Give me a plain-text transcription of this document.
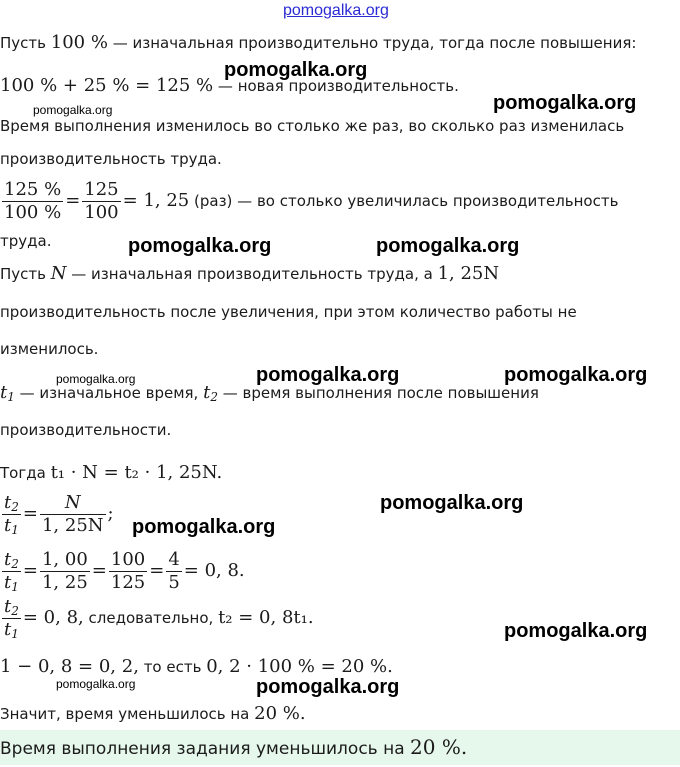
pomogalka.org
Пусть 100 % — изначальная производительно труда, тогда после повышения:
100 % + 25 % = 125 % — новая производительность.
Время выполнения изменилось во столько же раз, во сколько раз изменилась
производительность труда.
$\frac{125 \%}{100 \%} = \frac{125}{100} = 1$, 25 (раз) — во столько увеличилась производительность
труда.
Пусть N — изначальная производительность труда, а 1, 25N
производительность после увеличения, при этом количество работы не
изменилось.
$t_1$ — изначальное время, $t_2$ — время выполнения после повышения
производительности.
Тогда t₁ · N = t₂ · 1, 25N.
$\frac{t_2}{t_1} = \frac{N}{1, 25N}$ ;
$\frac{t_2}{t_1} = \frac{1, 00}{1, 25} = \frac{100}{125} = \frac{4}{5} = 0$, 8.
$\frac{t_2}{t_1} = 0$, 8, следовательно, t₂ = 0, 8t₁.
1 − 0, 8 = 0, 2, то есть 0, 2 · 100 % = 20 %.
Значит, время уменьшилось на 20 %.
Время выполнения задания уменьшилось на 20 %.
pomogalka.org
pomogalka.org	pomogalka.org
pomogalka.org	pomogalka.org
pomogalka.org	pomogalka.org	pomogalka.org
pomogalka.org
pomogalka.org
pomogalka.org
pomogalka.org	pomogalka.org
